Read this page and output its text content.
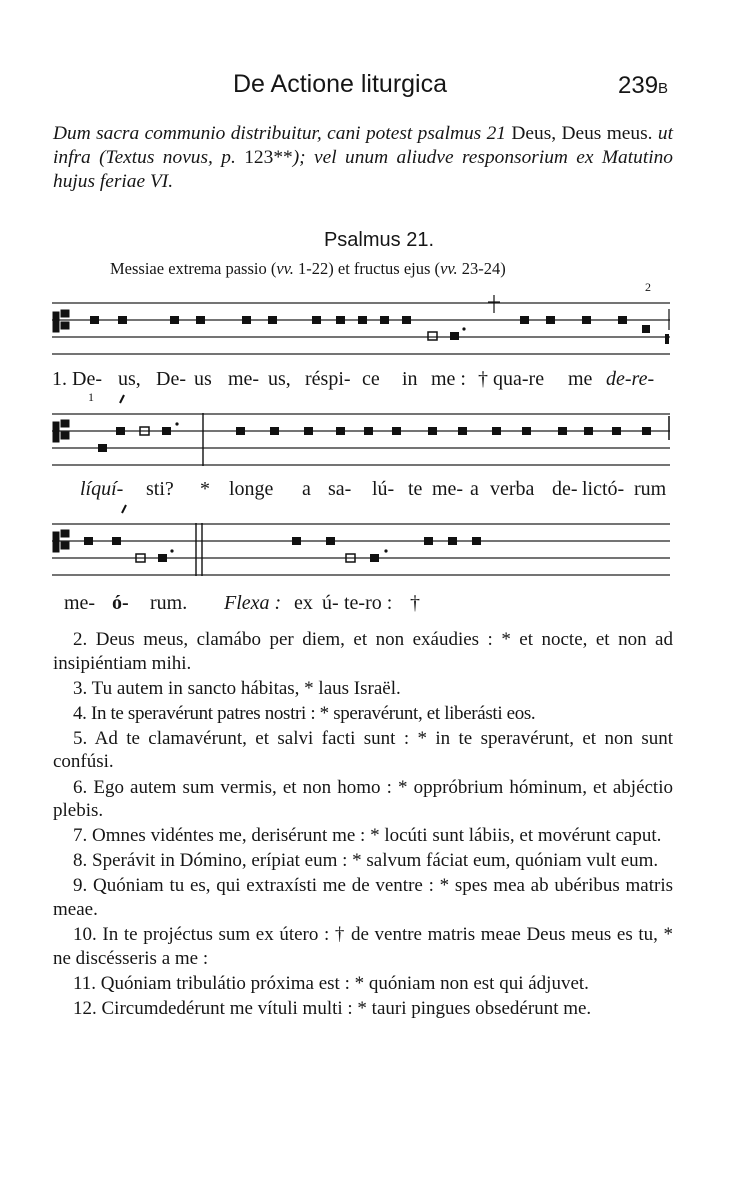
De Actione liturgica	239B
Dum sacra communio distribuitur, cani potest psalmus 21 Deus, Deus meus. ut infra (Textus novus, p. 123**); vel unum aliudve responsorium ex Matutino hujus feriae VI.
Psalmus 21.
Messiae extrema passio (vv. 1-22) et fructus ejus (vv. 23-24)
2
1
1. De- us, De- us me- us, réspi- ce in me : † qua-re me de-re-
líquí- sti? * longe a sa- lú- te me- a verba de- lictó- rum
me- ó- rum. Flexa : ex ú- te-ro : †

2. Deus meus, clamábo per diem, et non exáudies : * et nocte, et non ad insipiéntiam mihi.

3. Tu autem in sancto hábitas, * laus Israël.

4. In te speravérunt patres nostri : * speravérunt, et liberásti eos.

5. Ad te clamavérunt, et salvi facti sunt : * in te speravérunt, et non sunt confúsi.

6. Ego autem sum vermis, et non homo : * oppróbrium hóminum, et abjéctio plebis.

7. Omnes vidéntes me, derisérunt me : * locúti sunt lábiis, et movérunt caput.

8. Sperávit in Dómino, erípiat eum : * salvum fáciat eum, quóniam vult eum.

9. Quóniam tu es, qui extraxísti me de ventre : * spes mea ab ubéribus matris meae.

10. In te projéctus sum ex útero : † de ventre matris meae Deus meus es tu, * ne discésseris a me :

11. Quóniam tribulátio próxima est : * quóniam non est qui ádjuvet.

12. Circumdedérunt me vítuli multi : * tauri pingues obsedérunt me.
